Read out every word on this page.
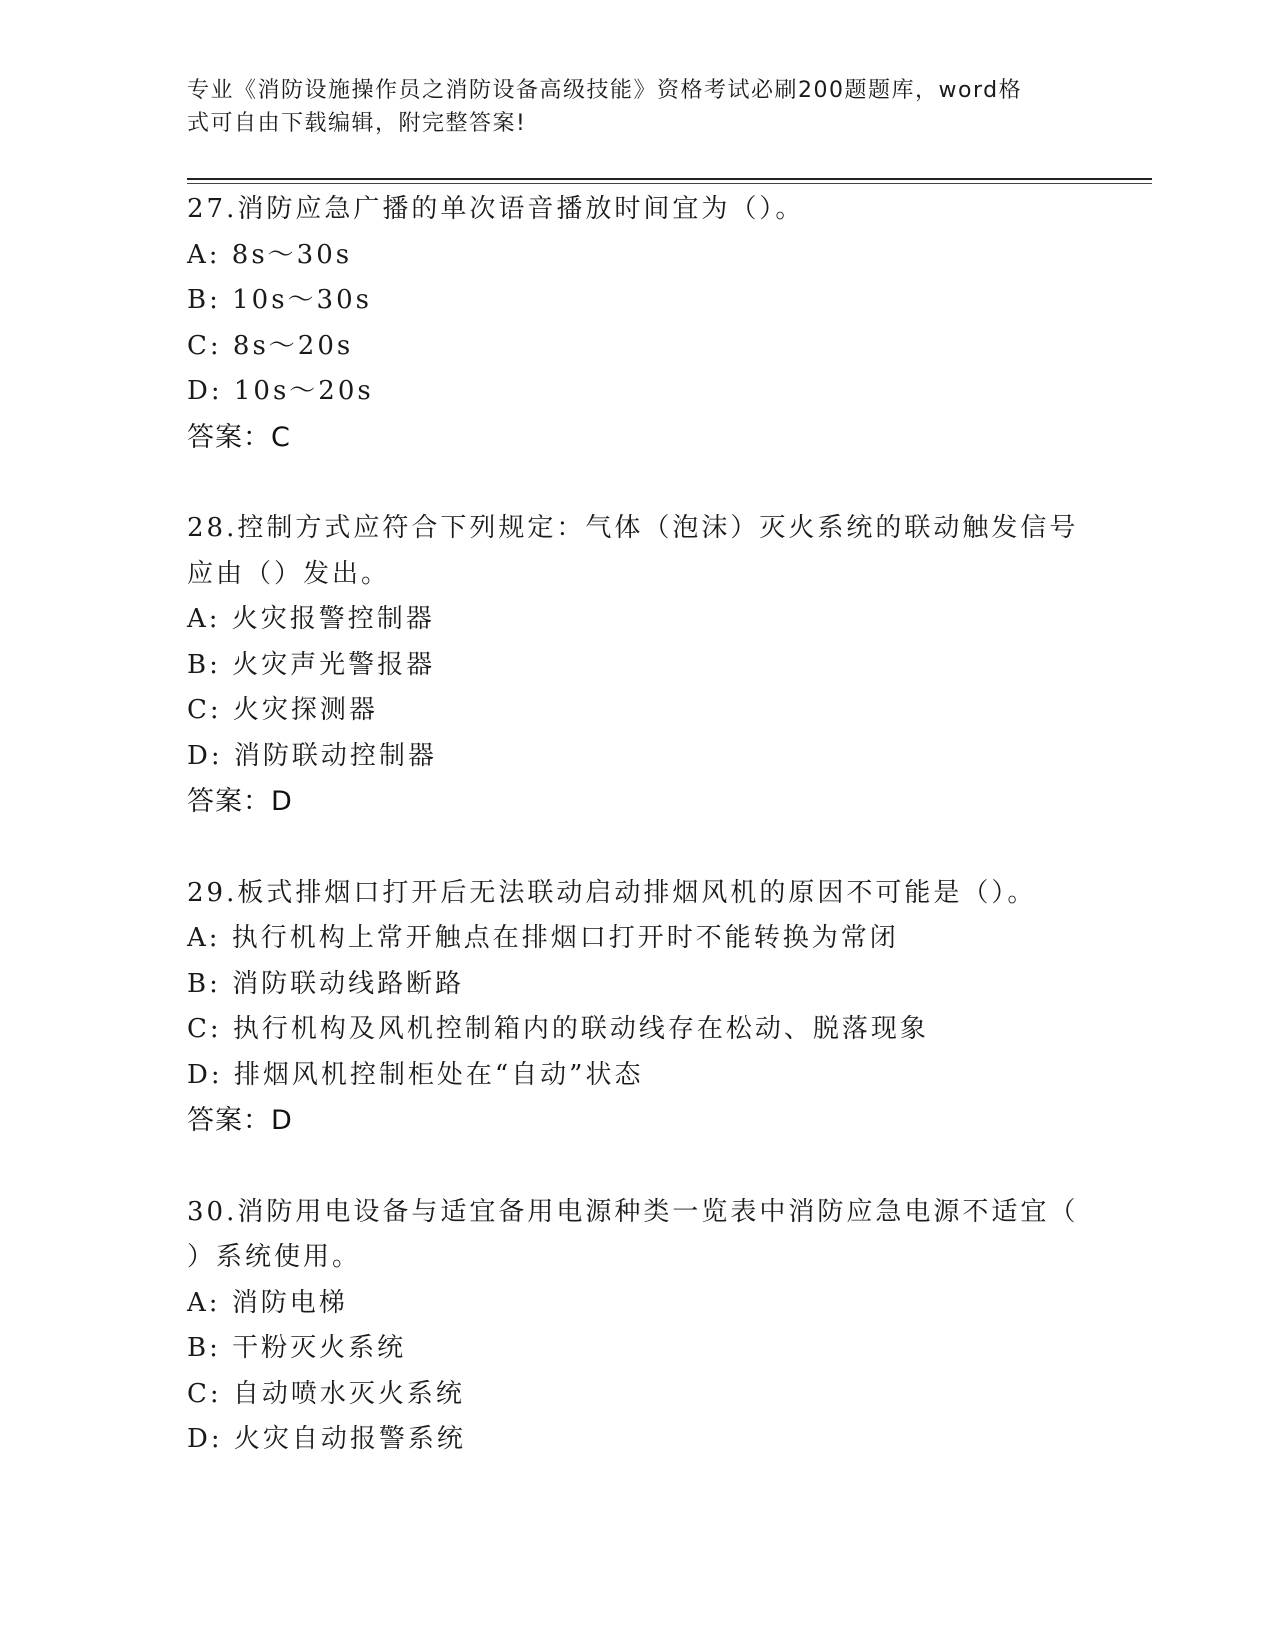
专业《消防设施操作员之消防设备高级技能》资格考试必刷200题题库，word格
式可自由下载编辑，附完整答案!
27.消防应急广播的单次语音播放时间宜为（）。
A: 8s～30s
B: 10s～30s
C: 8s～20s
D: 10s～20s
答案：C
28.控制方式应符合下列规定：气体（泡沫）灭火系统的联动触发信号
应由（）发出。
A: 火灾报警控制器
B: 火灾声光警报器
C: 火灾探测器
D: 消防联动控制器
答案：D
29.板式排烟口打开后无法联动启动排烟风机的原因不可能是（）。
A: 执行机构上常开触点在排烟口打开时不能转换为常闭
B: 消防联动线路断路
C: 执行机构及风机控制箱内的联动线存在松动、脱落现象
D: 排烟风机控制柜处在“自动”状态
答案：D
30.消防用电设备与适宜备用电源种类一览表中消防应急电源不适宜（
）系统使用。
A: 消防电梯
B: 干粉灭火系统
C: 自动喷水灭火系统
D: 火灾自动报警系统
